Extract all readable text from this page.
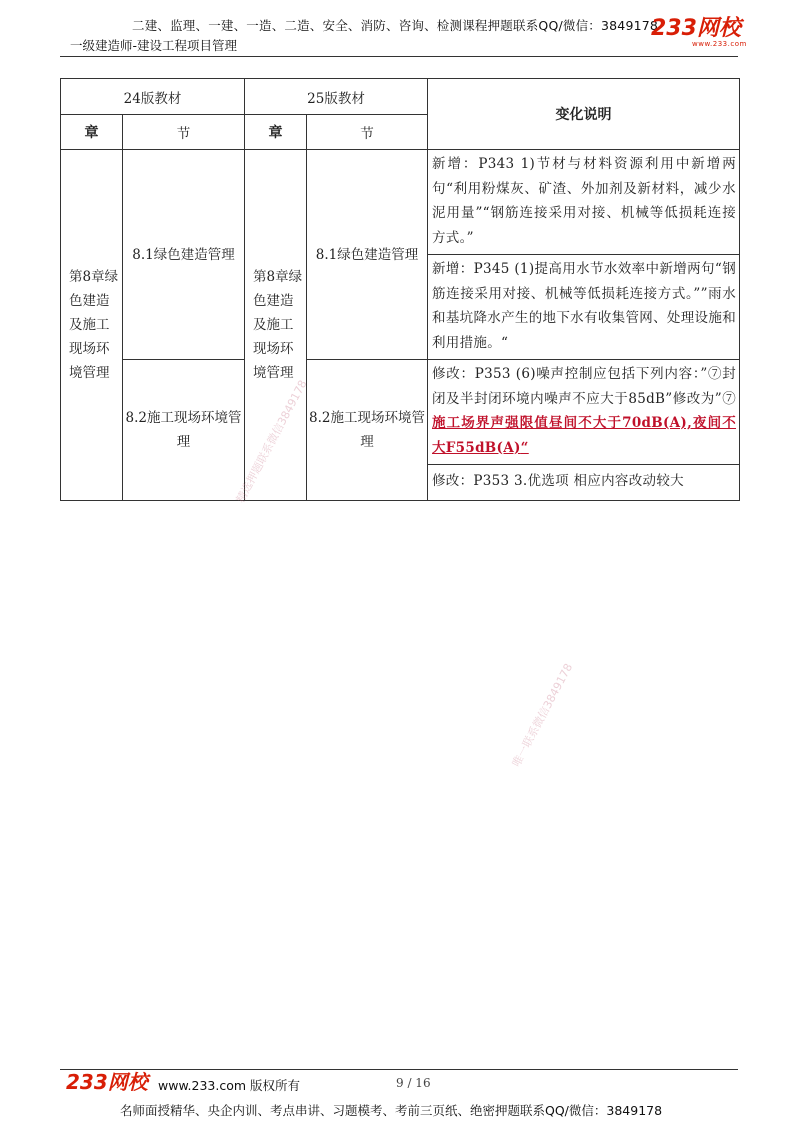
二建、监理、一建、一造、二造、安全、消防、咨询、检测课程押题联系QQ/微信：3849178
一级建造师-建设工程项目管理
233网校
www.233.com
24版教材		25版教材		变化说明
章	节	章	节	
第8章绿色建造及施工现场环境管理	8.1绿色建造管理	第8章绿色建造及施工现场环境管理	8.1绿色建造管理	新增：P343 1)节材与材料资源利用中新增两句“利用粉煤灰、矿渣、外加剂及新材料，减少水泥用量”“钢筋连接采用对接、机械等低损耗连接方式。”
				新增：P345 (1)提高用水节水效率中新增两句“钢筋连接采用对接、机械等低损耗连接方式。””雨水和基坑降水产生的地下水有收集管网、处理设施和利用措施。“
	8.2施工现场环境管理		8.2施工现场环境管理	修改：P353 (6)噪声控制应包括下列内容：”⑦封闭及半封闭环境内噪声不应大于85dB”修改为”⑦施工场界声强限值昼间不大于70dB(A),夜间不大F55dB(A)“
				修改：P353 3.优选项 相应内容改动较大
精选押题联系微信3849178
唯一联系微信3849178
233网校 www.233.com 版权所有	9 / 16
名师面授精华、央企内训、考点串讲、习题模考、考前三页纸、绝密押题联系QQ/微信：3849178
